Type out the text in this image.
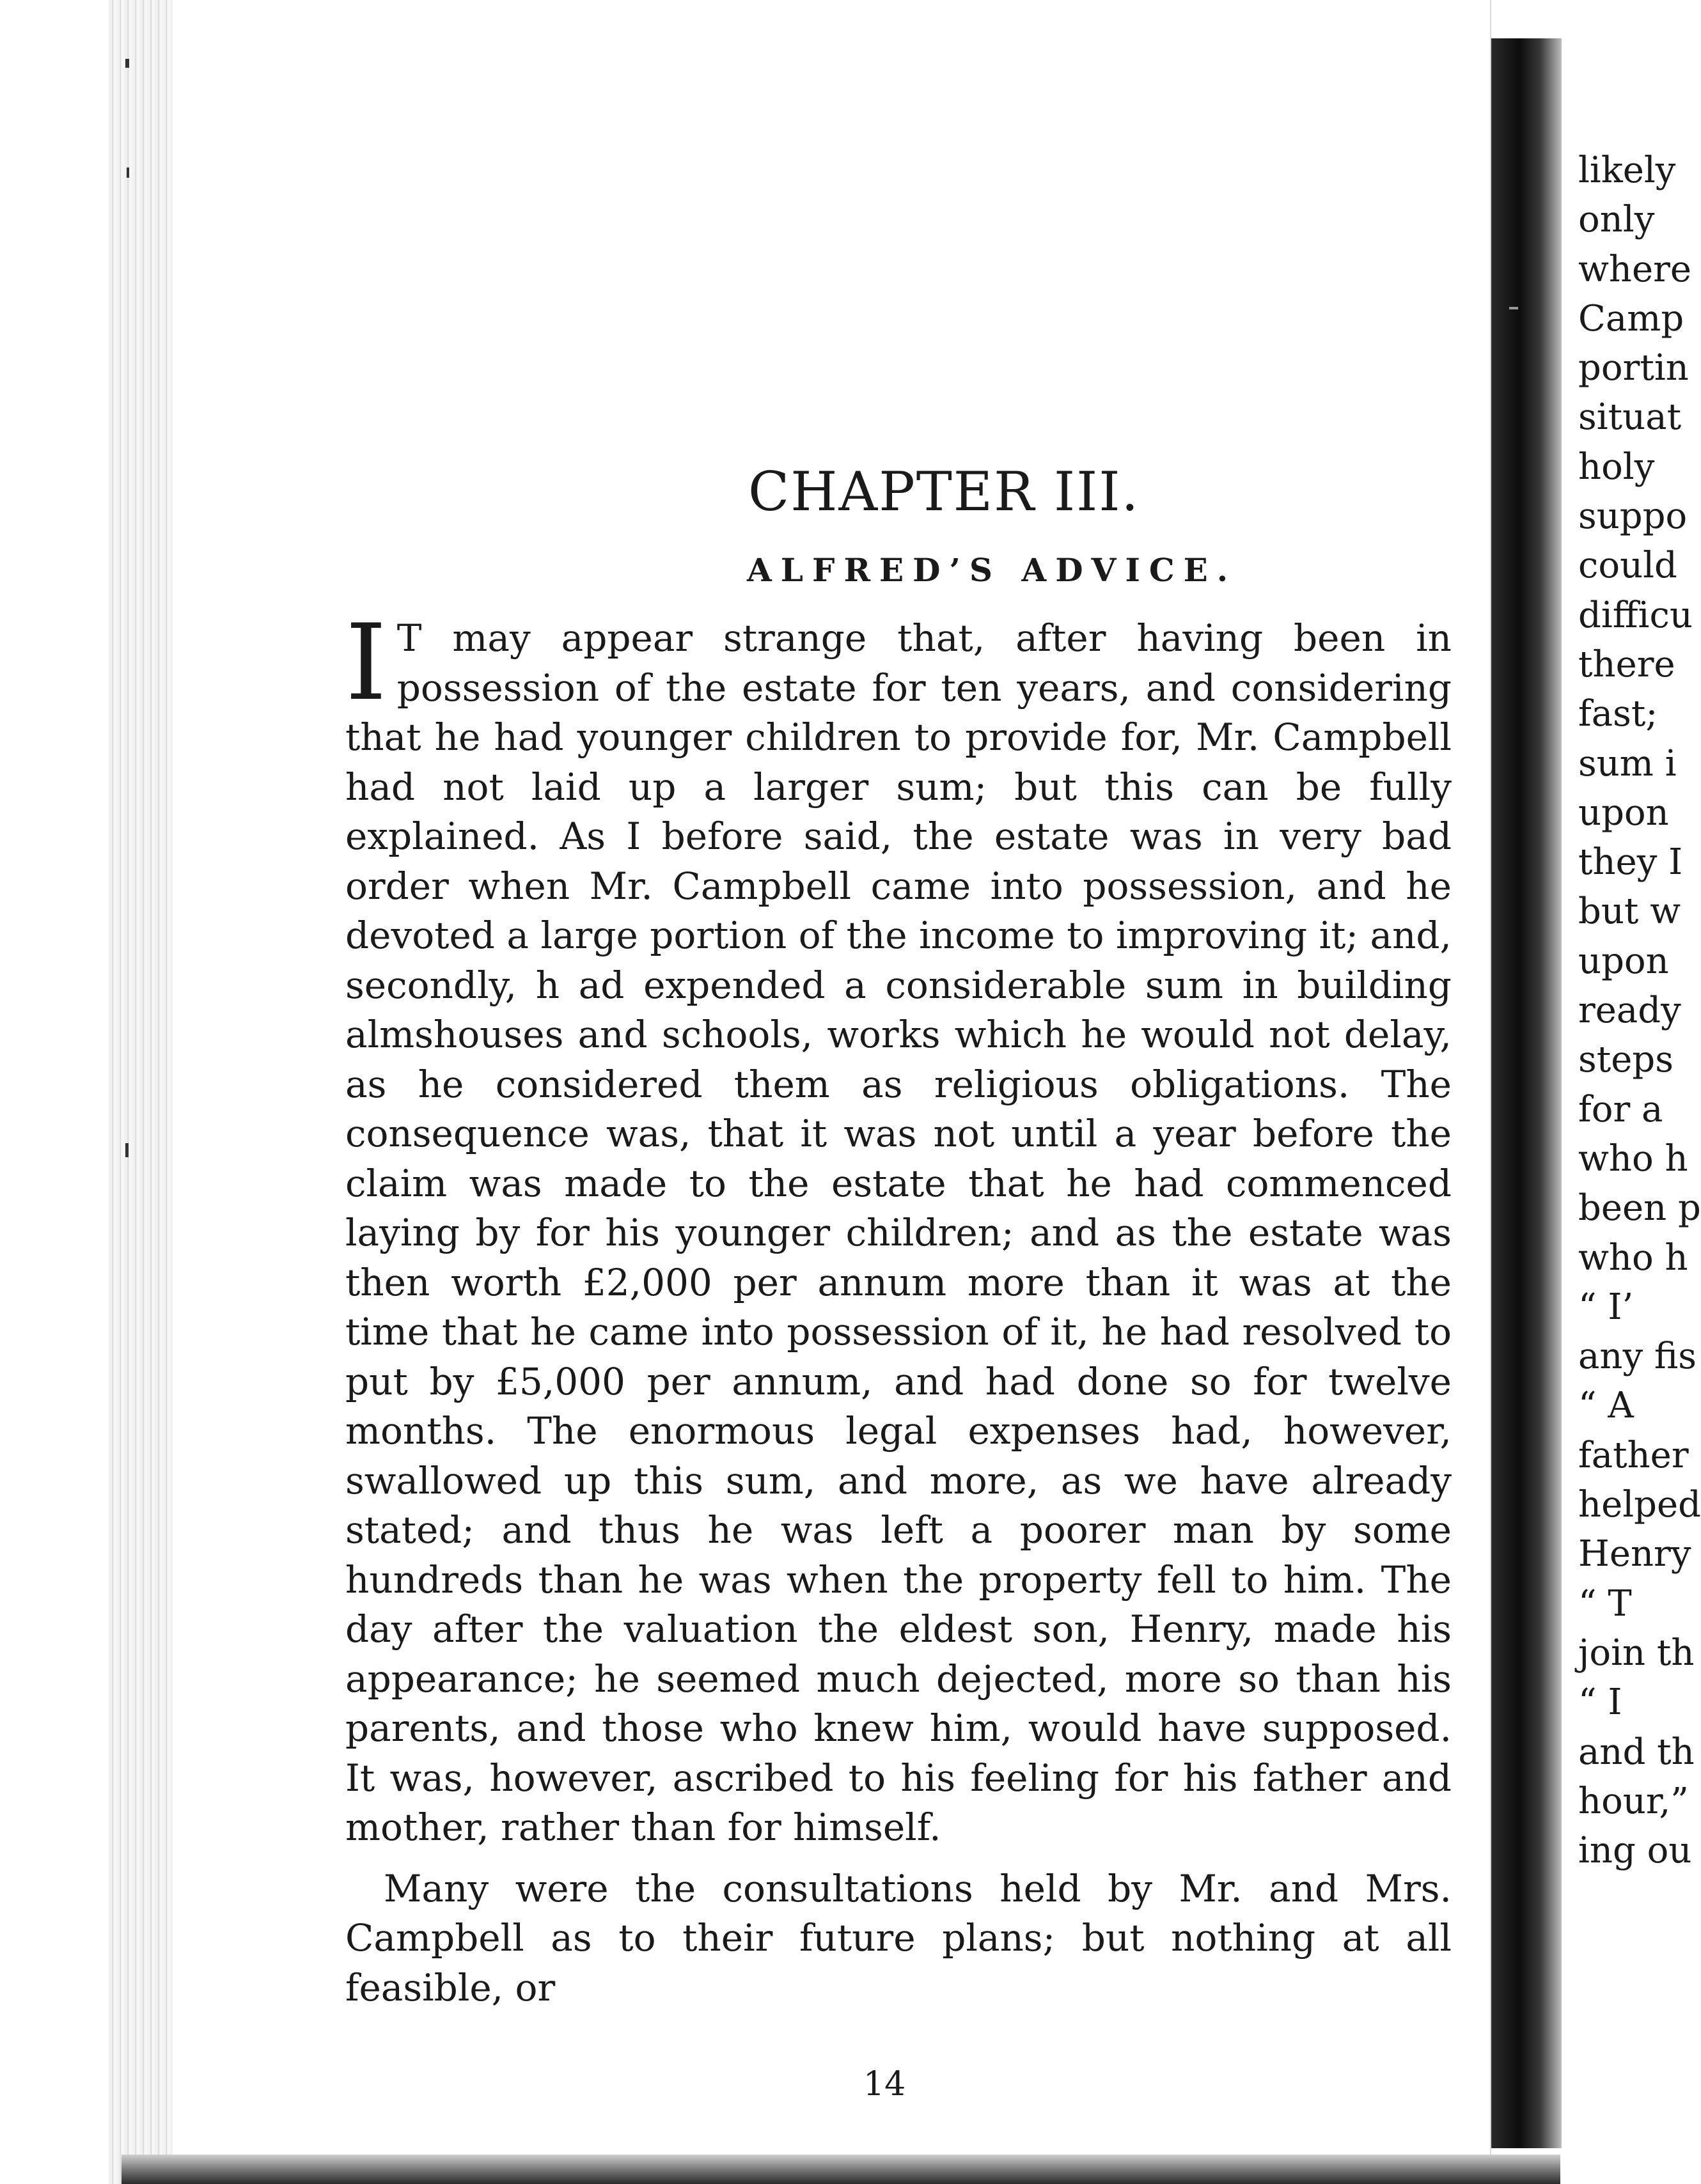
CHAPTER III.
ALFRED’S ADVICE.

I T may appear strange that, after having been in possession of the estate for ten years, and considering that he had younger children to provide for, Mr. Campbell had not laid up a larger sum; but this can be fully explained. As I before said, the estate was in very bad order when Mr. Campbell came into possession, and he devoted a large portion of the income to improving it; and, secondly, h ad expended a considerable sum in building almshouses and schools, works which he would not delay, as he considered them as religious obligations. The consequence was, that it was not until a year before the claim was made to the estate that he had commenced laying by for his younger children; and as the estate was then worth £2,000 per annum more than it was at the time that he came into possession of it, he had resolved to put by £5,000 per annum, and had done so for twelve months. The enormous legal expenses had, however, swallowed up this sum, and more, as we have already stated; and thus he was left a poorer man by some hundreds than he was when the property fell to him. The day after the valuation the eldest son, Henry, made his appearance; he seemed much dejected, more so than his parents, and those who knew him, would have supposed. It was, however, ascribed to his feeling for his father and mother, rather than for himself.

Many were the consultations held by Mr. and Mrs. Campbell as to their future plans; but nothing at all feasible, or

14
likely
only
where
Camp
portin
situat
holy
suppo
could
difficu
there
fast;
sum i
upon
they I
but w
upon
ready
steps
for a
who h
been p
who h
“ I’
any fis
“ A
father
helped
Henry
“ T
join th
“ I
and th
hour,”
ing ou
